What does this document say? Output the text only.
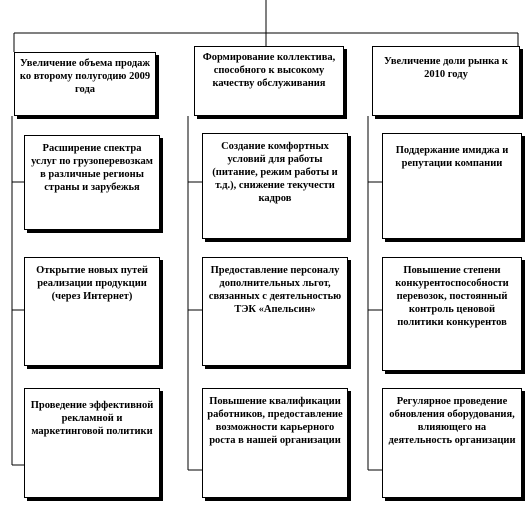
Увеличение объема продаж ко второму полугодию 2009 года
Расширение спектра услуг по грузоперевозкам в различные регионы страны и зарубежья
Открытие новых путей реализации продукции (через Интернет)
Проведение эффективной рекламной и маркетинговой политики
Формирование коллектива, способного к высокому качеству обслуживания
Создание комфортных условий для работы (питание, режим работы и т.д.), снижение текучести кадров
Предоставление персоналу дополнительных льгот, связанных с деятельностью ТЭК «Апельсин»
Повышение квалификации работников, предоставление возможности карьерного роста в нашей организации
Увеличение доли рынка к 2010 году
Поддержание имиджа и репутации компании
Повышение степени конкурентоспособности перевозок, постоянный контроль ценовой политики конкурентов
Регулярное проведение обновления оборудования, влияющего на деятельность организации
